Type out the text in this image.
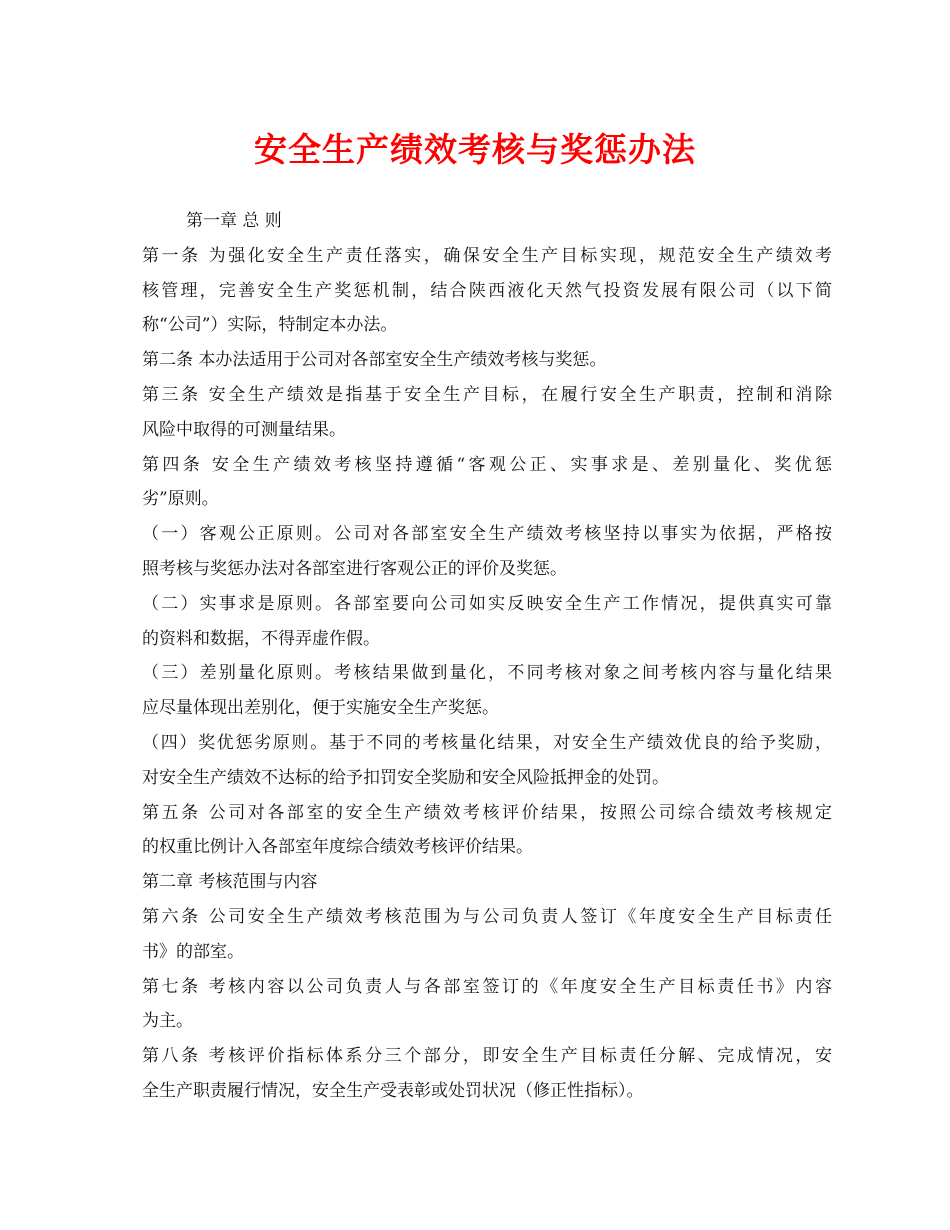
安全生产绩效考核与奖惩办法
第一章 总 则
第一条 为强化安全生产责任落实，确保安全生产目标实现，规范安全生产绩效考
核管理，完善安全生产奖惩机制，结合陕西液化天然气投资发展有限公司（以下简
称“公司”）实际，特制定本办法。
第二条 本办法适用于公司对各部室安全生产绩效考核与奖惩。
第三条 安全生产绩效是指基于安全生产目标，在履行安全生产职责，控制和消除
风险中取得的可测量结果。
第四条 安全生产绩效考核坚持遵循“客观公正、实事求是、差别量化、奖优惩
劣”原则。
（一）客观公正原则。公司对各部室安全生产绩效考核坚持以事实为依据，严格按
照考核与奖惩办法对各部室进行客观公正的评价及奖惩。
（二）实事求是原则。各部室要向公司如实反映安全生产工作情况，提供真实可靠
的资料和数据，不得弄虚作假。
（三）差别量化原则。考核结果做到量化，不同考核对象之间考核内容与量化结果
应尽量体现出差别化，便于实施安全生产奖惩。
（四）奖优惩劣原则。基于不同的考核量化结果，对安全生产绩效优良的给予奖励，
对安全生产绩效不达标的给予扣罚安全奖励和安全风险抵押金的处罚。
第五条 公司对各部室的安全生产绩效考核评价结果，按照公司综合绩效考核规定
的权重比例计入各部室年度综合绩效考核评价结果。
第二章 考核范围与内容
第六条 公司安全生产绩效考核范围为与公司负责人签订《年度安全生产目标责任
书》的部室。
第七条 考核内容以公司负责人与各部室签订的《年度安全生产目标责任书》内容
为主。
第八条 考核评价指标体系分三个部分，即安全生产目标责任分解、完成情况，安
全生产职责履行情况，安全生产受表彰或处罚状况（修正性指标）。
